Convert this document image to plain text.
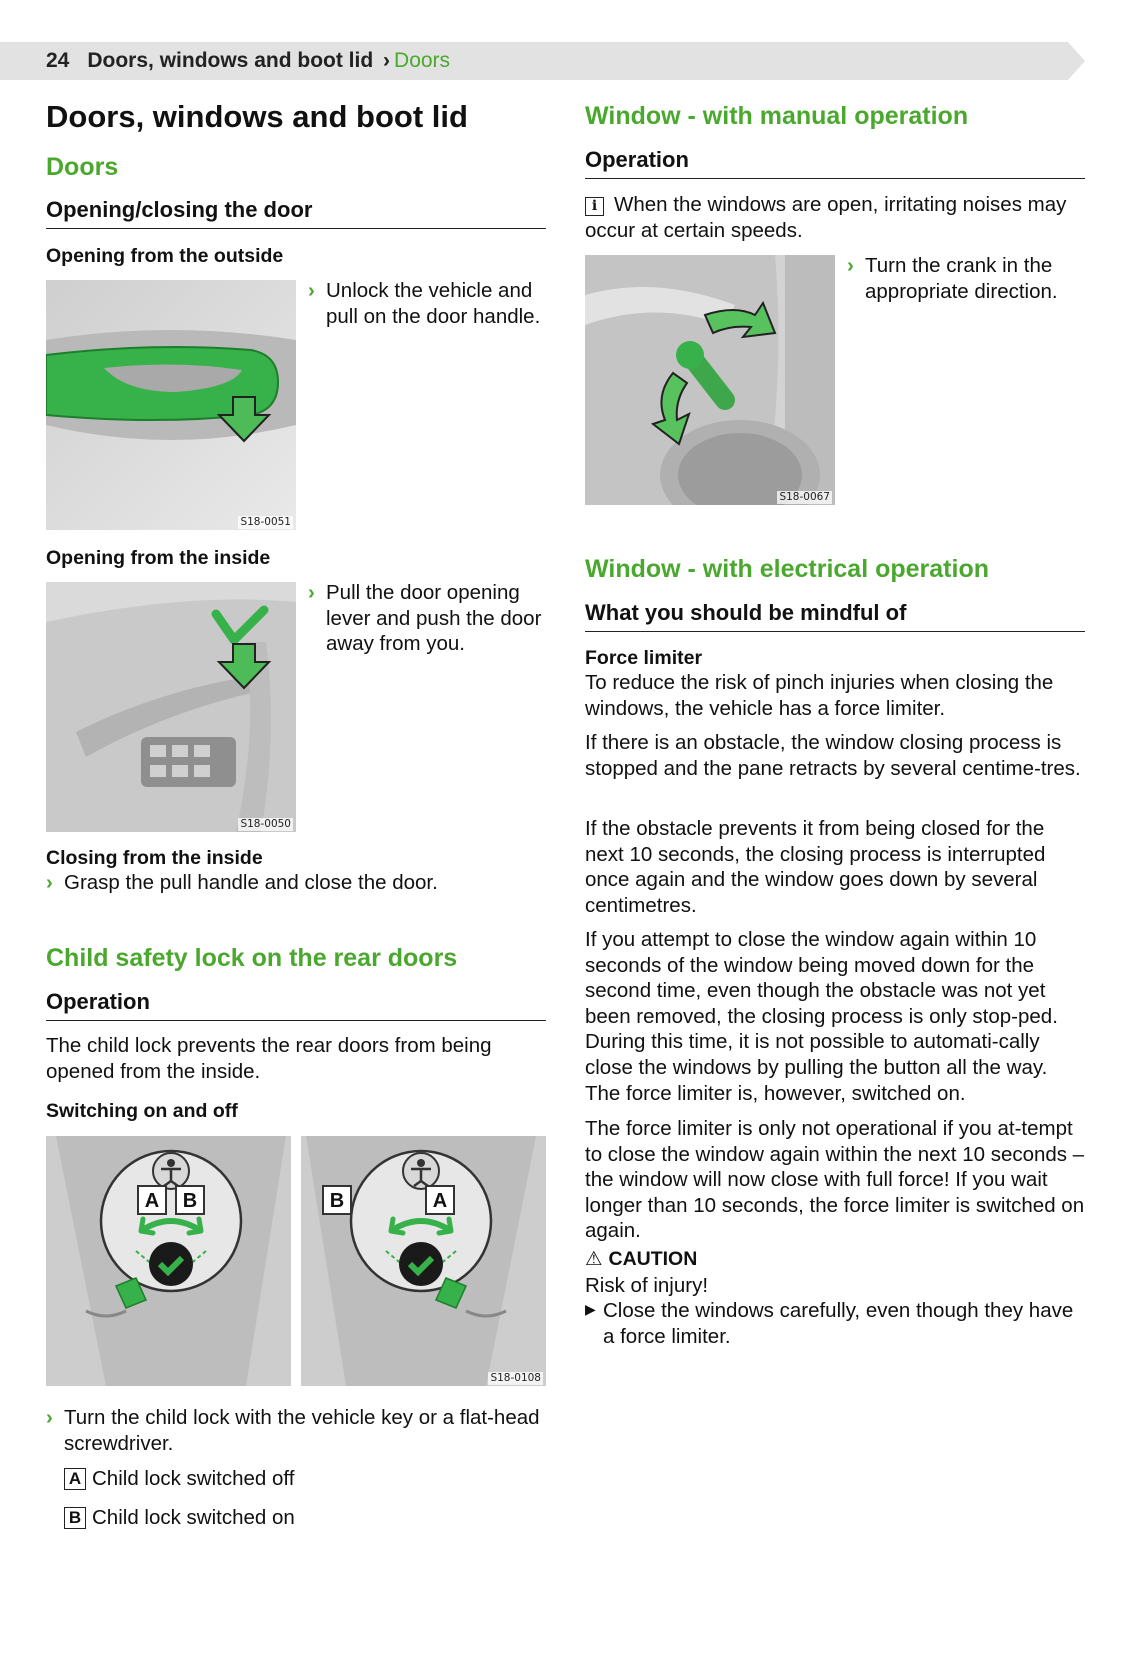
24 Doors, windows and boot lid › Doors
Doors, windows and boot lid
Doors
Opening/closing the door
Opening from the outside
S18-0051
› Unlock the vehicle and pull on the door handle.
Opening from the inside
S18-0050
› Pull the door opening lever and push the door away from you.
Closing from the inside
› Grasp the pull handle and close the door.
Child safety lock on the rear doors
Operation
The child lock prevents the rear doors from being opened from the inside.
Switching on and off
A B	B	A
S18-0108
› Turn the child lock with the vehicle key or a flat-head screwdriver.
A Child lock switched off
B Child lock switched on
Window - with manual operation
Operation
i When the windows are open, irritating noises may occur at certain speeds.
S18-0067
› Turn the crank in the appropriate direction.
Window - with electrical operation
What you should be mindful of
Force limiter
To reduce the risk of pinch injuries when closing the windows, the vehicle has a force limiter.
If there is an obstacle, the window closing process is stopped and the pane retracts by several centime-tres.
If the obstacle prevents it from being closed for the next 10 seconds, the closing process is interrupted once again and the window goes down by several centimetres.
If you attempt to close the window again within 10 seconds of the window being moved down for the second time, even though the obstacle was not yet been removed, the closing process is only stop-ped. During this time, it is not possible to automati-cally close the windows by pulling the button all the way. The force limiter is, however, switched on.
The force limiter is only not operational if you at-tempt to close the window again within the next 10 seconds – the window will now close with full force! If you wait longer than 10 seconds, the force limiter is switched on again.
⚠ CAUTION
Risk of injury!
▶ Close the windows carefully, even though they have a force limiter.
